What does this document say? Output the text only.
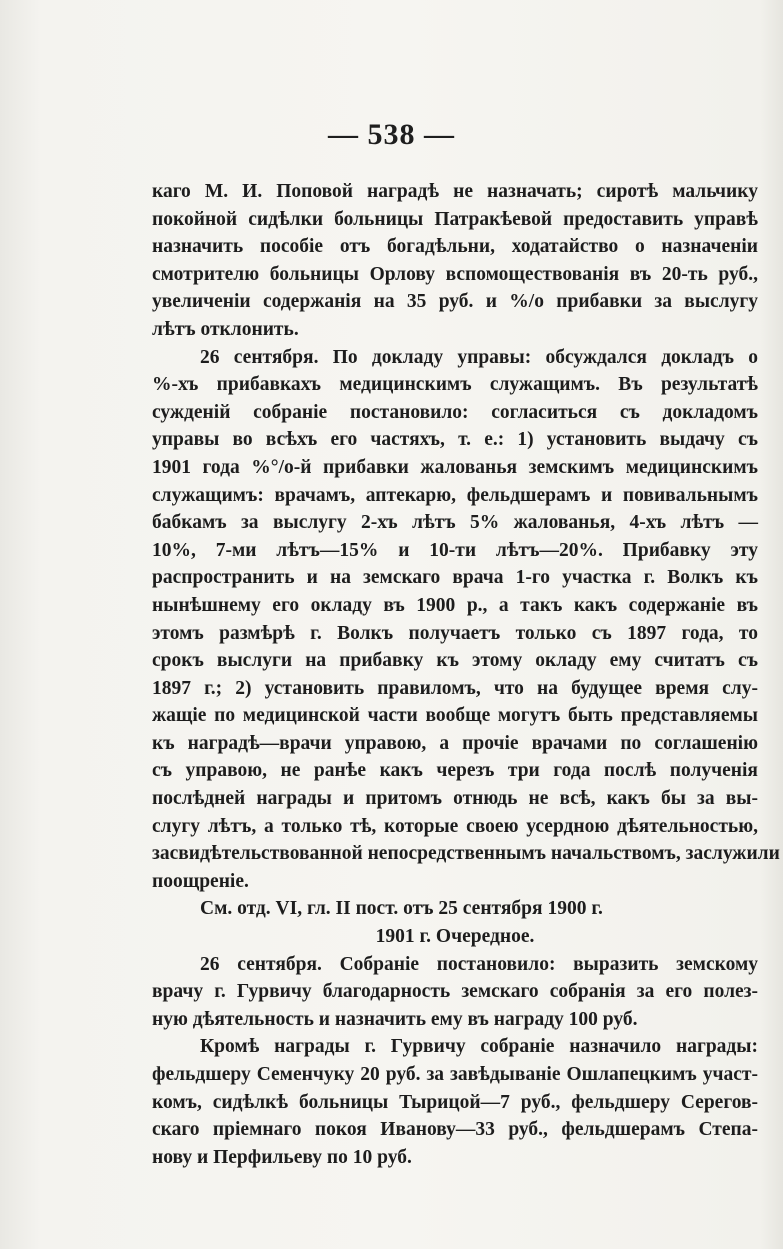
— 538 —
каго М. И. Поповой наградѣ не назначать; сиротѣ мальчику
покойной сидѣлки больницы Патракѣевой предоставить управѣ
назначить пособіе отъ богадѣльни, ходатайство о назначеніи
смотрителю больницы Орлову вспомоществованія въ 20-ть руб.,
увеличеніи содержанія на 35 руб. и %/о прибавки за выслугу
лѣтъ отклонить.
26 сентября. По докладу управы: обсуждался докладъ о
%-хъ прибавкахъ медицинскимъ служащимъ. Въ результатѣ
сужденій собраніе постановило: согласиться съ докладомъ
управы во всѣхъ его частяхъ, т. е.: 1) установить выдачу съ
1901 года %°/о-й прибавки жалованья земскимъ медицинскимъ
служащимъ: врачамъ, аптекарю, фельдшерамъ и повивальнымъ
бабкамъ за выслугу 2-хъ лѣтъ 5% жалованья, 4-хъ лѣтъ —
10%, 7-ми лѣтъ—15% и 10-ти лѣтъ—20%. Прибавку эту
распространить и на земскаго врача 1-го участка г. Волкъ къ
нынѣшнему его окладу въ 1900 р., а такъ какъ содержаніе въ
этомъ размѣрѣ г. Волкъ получаетъ только съ 1897 года, то
срокъ выслуги на прибавку къ этому окладу ему считатъ съ
1897 г.; 2) установить правиломъ, что на будущее время слу-
жащіе по медицинской части вообще могутъ быть представляемы
къ наградѣ—врачи управою, а прочіе врачами по соглашенію
съ управою, не ранѣе какъ черезъ три года послѣ полученія
послѣдней награды и притомъ отнюдь не всѣ, какъ бы за вы-
слугу лѣтъ, а только тѣ, которые своею усердною дѣятельностью,
засвидѣтельствованной непосредственнымъ начальствомъ, заслужили
поощреніе.
См. отд. VI, гл. II пост. отъ 25 сентября 1900 г.
1901 г. Очередное.
26 сентября. Собраніе постановило: выразить земскому
врачу г. Гурвичу благодарность земскаго собранія за его полез-
ную дѣятельность и назначить ему въ награду 100 руб.
Кромѣ награды г. Гурвичу собраніе назначило награды:
фельдшеру Семенчуку 20 руб. за завѣдываніе Ошлапецкимъ участ-
комъ, сидѣлкѣ больницы Тырицой—7 руб., фельдшеру Серегов-
скаго пріемнаго покоя Иванову—33 руб., фельдшерамъ Степа-
нову и Перфильеву по 10 руб.
